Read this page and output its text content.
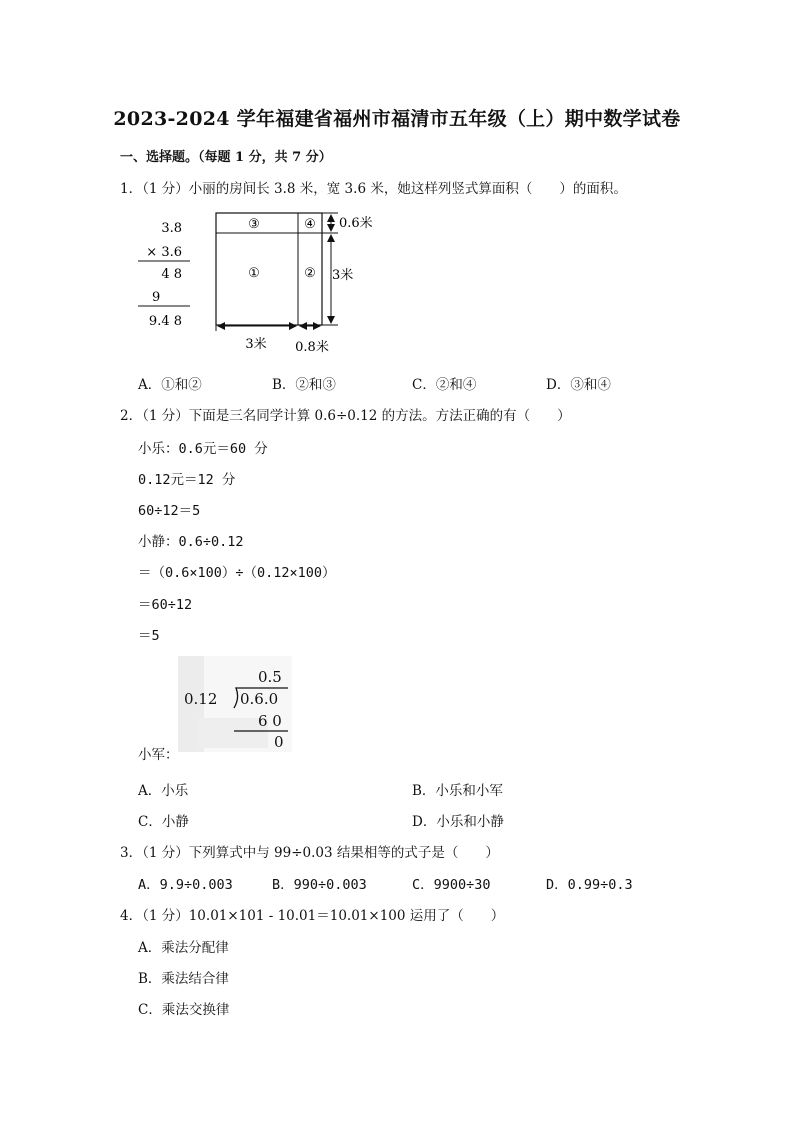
2023-2024 学年福建省福州市福清市五年级（上）期中数学试卷
一、选择题。（每题 1 分，共 7 分）
1．（1 分）小丽的房间长 3.8 米，宽 3.6 米，她这样列竖式算面积（　　）的面积。
3.8
× 3.6
4 8
9
9.4 8
③	④
①	②
0.6米
3米
3米 0.8米
A．①和②	B．②和③	C．②和④	D．③和④
2．（1 分）下面是三名同学计算 0.6÷0.12 的方法。方法正确的有（　　）
小乐：0.6元＝60 分
0.12元＝12 分
60÷12＝5
小静：0.6÷0.12
＝（0.6×100）÷（0.12×100）
＝60÷12
＝5
0.5
0.12 0.6.0
6 0
0
小军：
A．小乐	B．小乐和小军
C．小静	D．小乐和小静
3．（1 分）下列算式中与 99÷0.03 结果相等的式子是（　　）
A．9.9÷0.003	B．990÷0.003	C．9900÷30	D．0.99÷0.3
4．（1 分）10.01×101 - 10.01＝10.01×100 运用了（　　）
A．乘法分配律
B．乘法结合律
C．乘法交换律
